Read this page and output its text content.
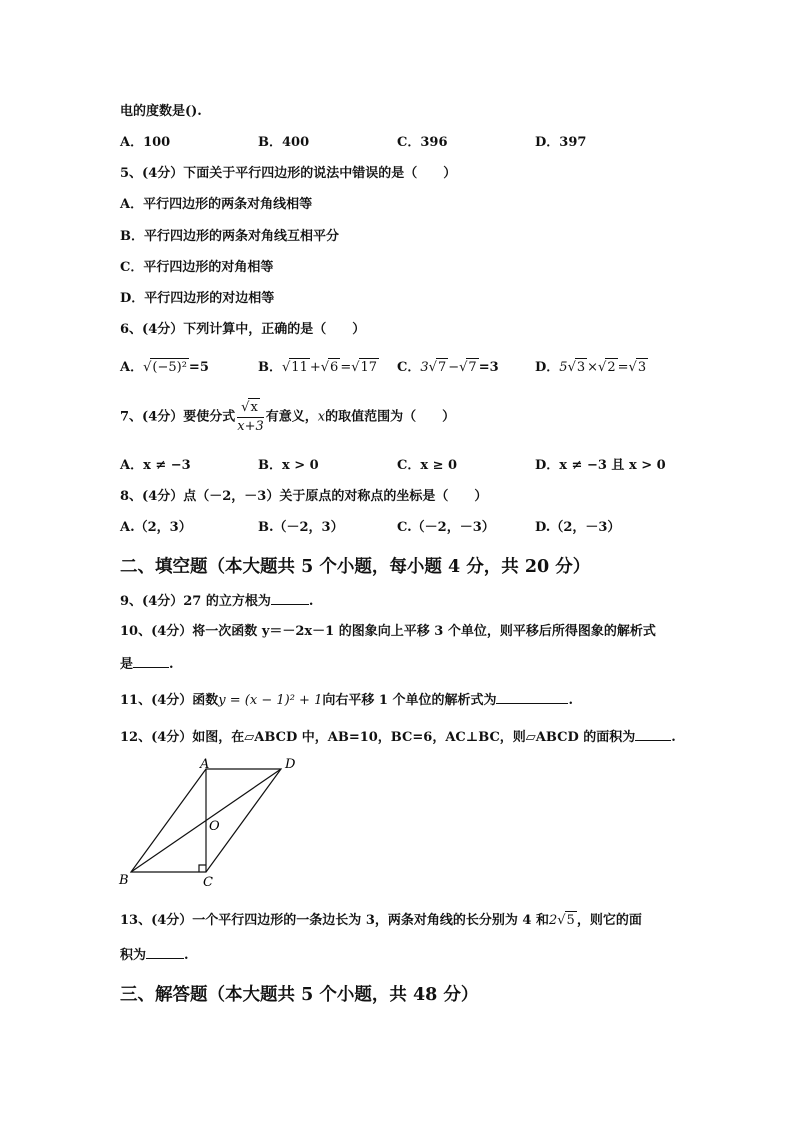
电的度数是().
A．100	B．400	C．396	D．397
5、(4分）下面关于平行四边形的说法中错误的是（　　）
A．平行四边形的两条对角线相等
B．平行四边形的两条对角线互相平分
C．平行四边形的对角相等
D．平行四边形的对边相等
6、(4分）下列计算中，正确的是（　　）
A．√(−5)² =5	B．√11 +√6 =√17 C．3√7 −√7 =3	D．5√3 ×√2 =√3
7、(4分）要使分式 $\frac{√x}{x+3}$ 有意义，x的取值范围为（　　）
A．x ≠ −3	B．x > 0	C．x ≥ 0	D．x ≠ −3 且 x > 0
8、(4分）点（－2，－3）关于原点的对称点的坐标是（　　）
A.（2，3）	B.（－2，3）	C.（－2，－3）	D.（2，－3）
二、填空题（本大题共 5 个小题，每小题 4 分，共 20 分）
9、(4分）27 的立方根为	.
10、(4分）将一次函数 y＝－2x－1 的图象向上平移 3 个单位，则平移后所得图象的解析式
是	.
11、(4分）函数y = (x − 1)² + 1向右平移 1 个单位的解析式为	.
12、(4分）如图，在▱ABCD 中，AB=10，BC=6，AC⊥BC，则▱ABCD 的面积为	.
A	D
B	C
O
13、(4分）一个平行四边形的一条边长为 3，两条对角线的长分别为 4 和2√5 ，则它的面
积为	.
三、解答题（本大题共 5 个小题，共 48 分）
